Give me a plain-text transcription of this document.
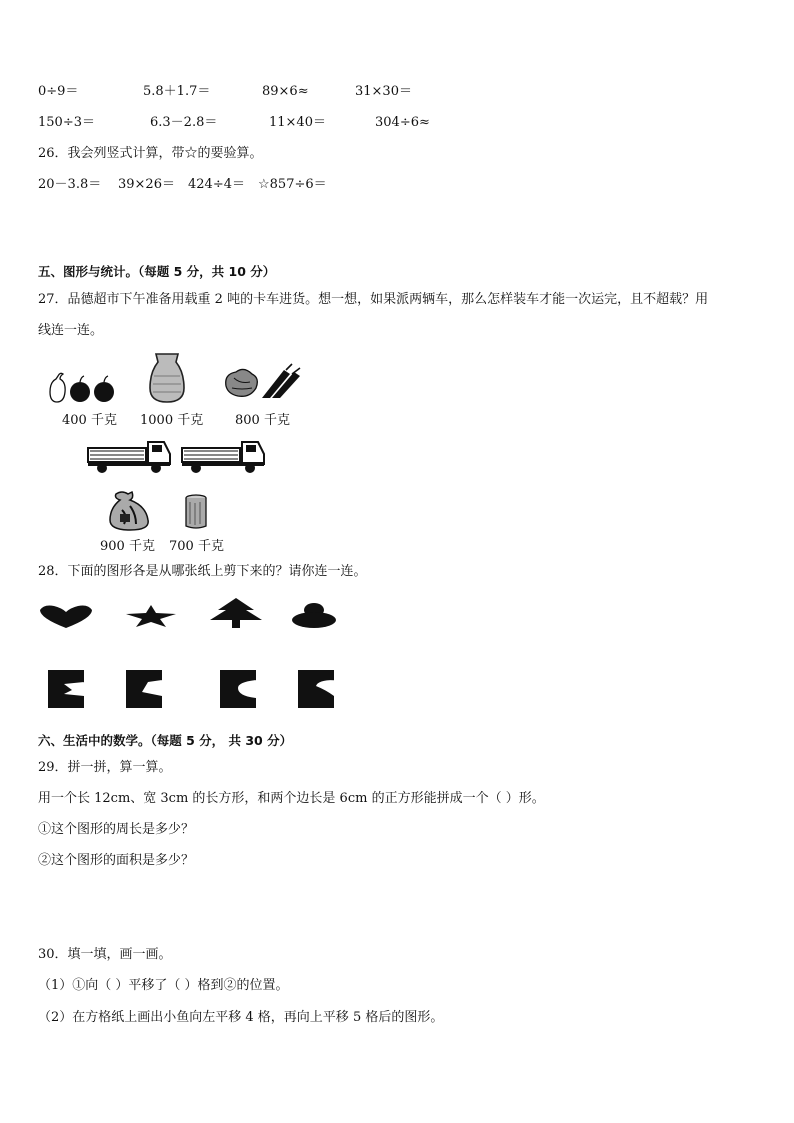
0÷9＝	5.8＋1.7＝	89×6≈	31×30＝
150÷3＝	6.3－2.8＝	11×40＝	304÷6≈
26．我会列竖式计算，带☆的要验算。
20－3.8＝ 39×26＝ 424÷4＝ ☆857÷6＝
五、图形与统计。（每题 5 分，共 10 分）
27．品德超市下午准备用载重 2 吨的卡车进货。想一想，如果派两辆车，那么怎样装车才能一次运完，且不超载？用
线连一连。
400 千克 1000 千克 800 千克
900 千克 700 千克
28．下面的图形各是从哪张纸上剪下来的？请你连一连。
六、生活中的数学。（每题 5 分， 共 30 分）
29．拼一拼，算一算。
用一个长 12cm、宽 3cm 的长方形，和两个边长是 6cm 的正方形能拼成一个（ ）形。
①这个图形的周长是多少？
②这个图形的面积是多少？
30．填一填，画一画。
（1）①向（ ）平移了（ ）格到②的位置。
（2）在方格纸上画出小鱼向左平移 4 格，再向上平移 5 格后的图形。
